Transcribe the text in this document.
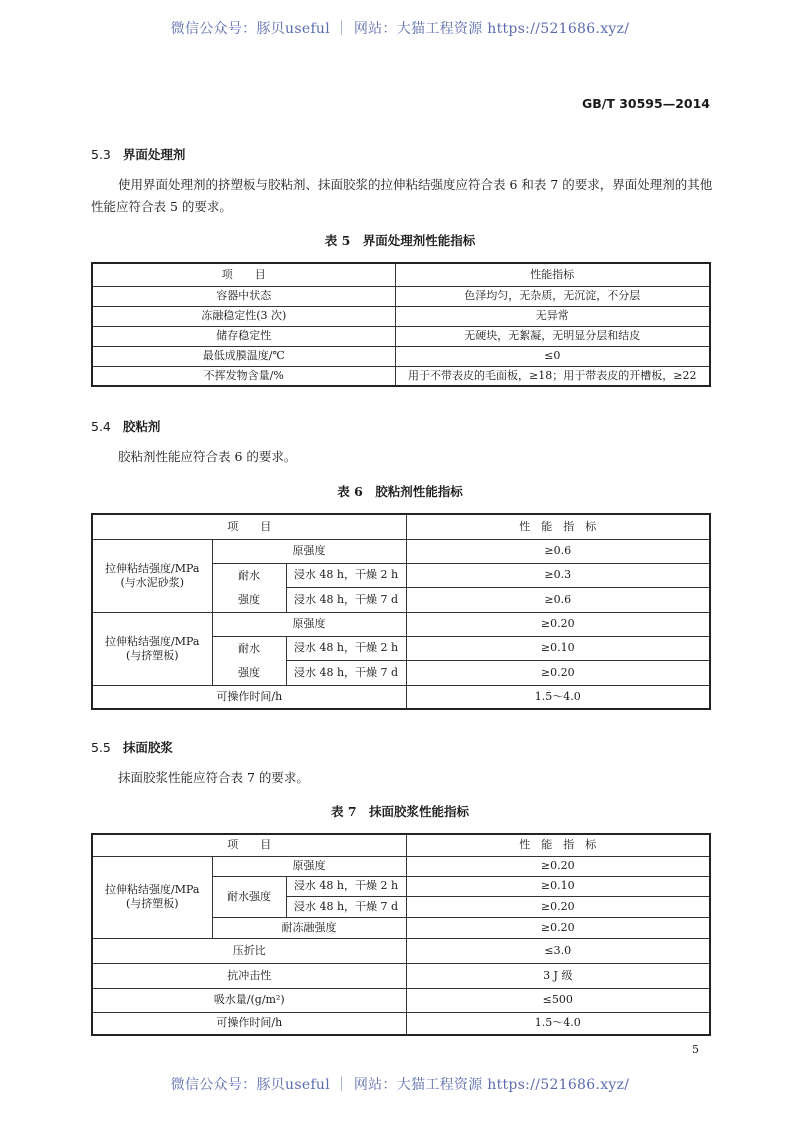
微信公众号：豚贝useful ｜ 网站：大猫工程资源 https://521686.xyz/
GB/T 30595—2014
5.3 界面处理剂
使用界面处理剂的挤塑板与胶粘剂、抹面胶浆的拉伸粘结强度应符合表 6 和表 7 的要求，界面处理剂的其他性能应符合表 5 的要求。
表 5　界面处理剂性能指标
项　　目	性能指标
容器中状态	色泽均匀，无杂质，无沉淀，不分层
冻融稳定性(3 次)	无异常
储存稳定性	无硬块，无絮凝，无明显分层和结皮
最低成膜温度/℃	≤0
不挥发物含量/%	用于不带表皮的毛面板，≥18；用于带表皮的开槽板，≥22
5.4 胶粘剂
胶粘剂性能应符合表 6 的要求。
表 6　胶粘剂性能指标
项　　目			性　能　指　标
拉伸粘结强度/MPa
(与水泥砂浆)	原强度		≥0.6
	耐水
强度	浸水 48 h，干燥 2 h	≥0.3
		浸水 48 h，干燥 7 d	≥0.6
拉伸粘结强度/MPa
(与挤塑板)	原强度		≥0.20
	耐水
强度	浸水 48 h，干燥 2 h	≥0.10
		浸水 48 h，干燥 7 d	≥0.20
可操作时间/h			1.5～4.0
5.5 抹面胶浆
抹面胶浆性能应符合表 7 的要求。
表 7　抹面胶浆性能指标
项　　目			性　能　指　标
拉伸粘结强度/MPa
(与挤塑板)	原强度		≥0.20
	耐水强度	浸水 48 h，干燥 2 h	≥0.10
		浸水 48 h，干燥 7 d	≥0.20
	耐冻融强度		≥0.20
压折比			≤3.0
抗冲击性			3 J 级
吸水量/(g/m²)			≤500
可操作时间/h			1.5～4.0
5
微信公众号：豚贝useful ｜ 网站：大猫工程资源 https://521686.xyz/
